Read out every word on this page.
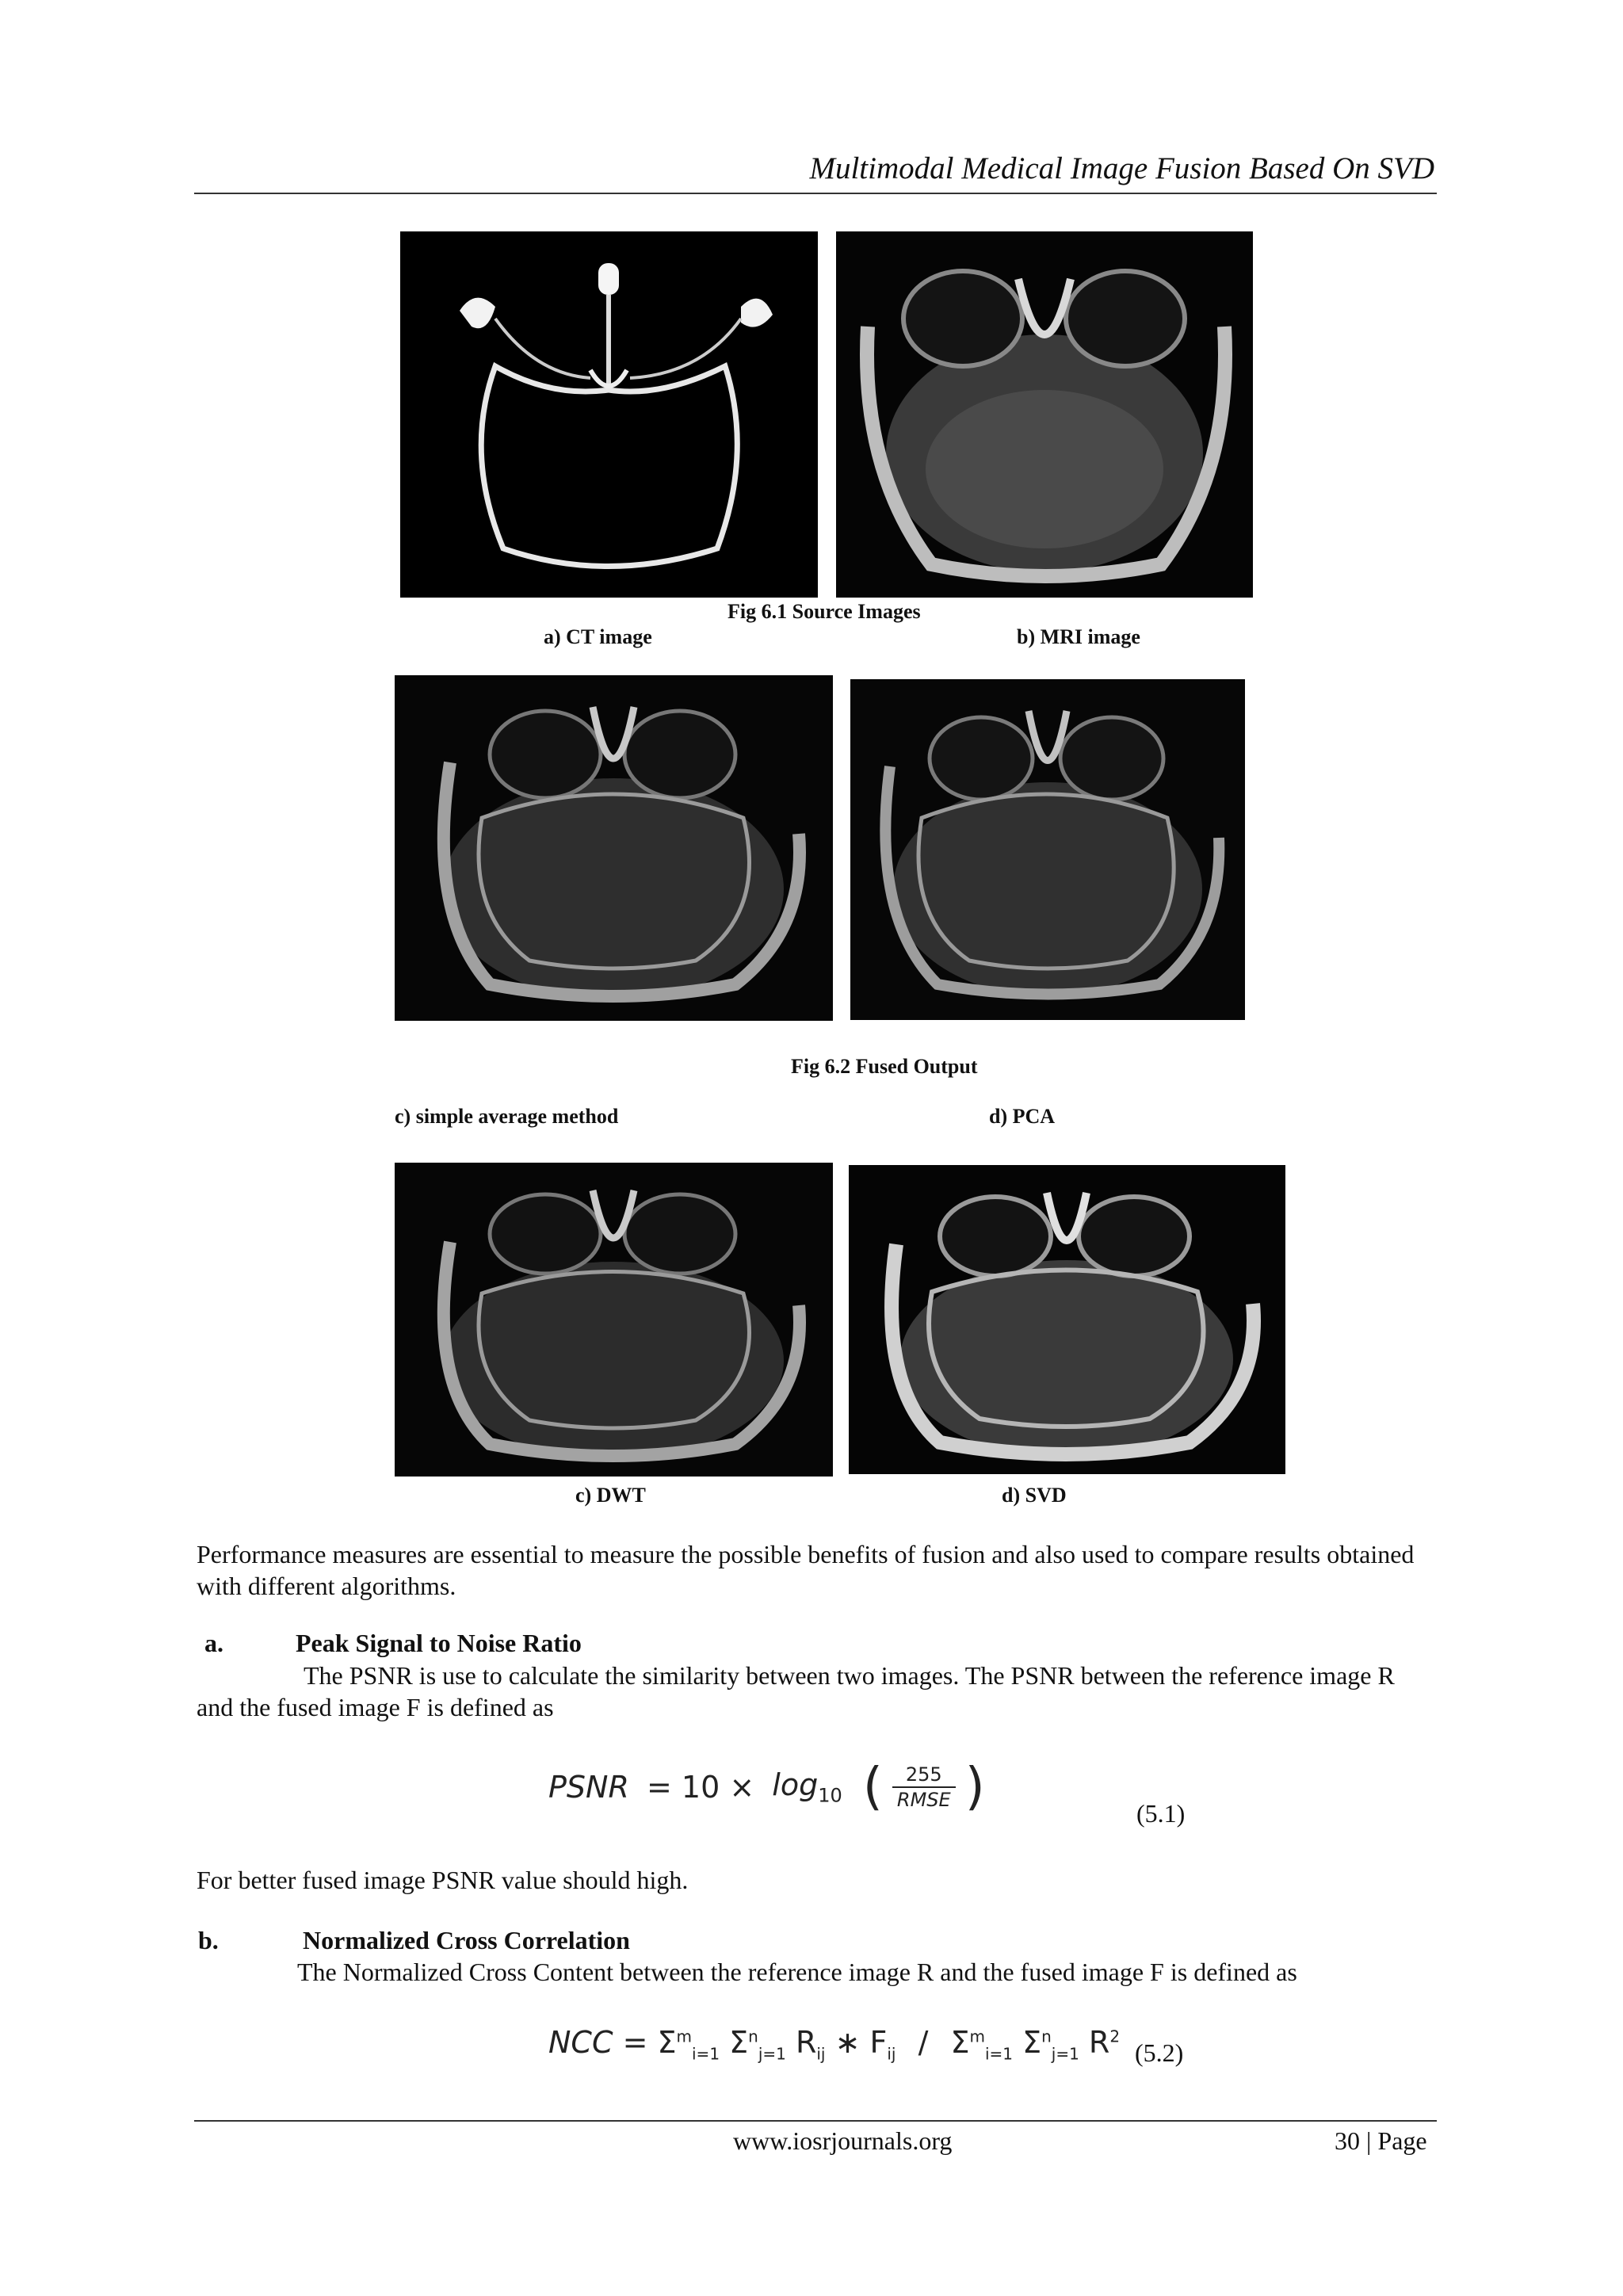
Multimodal Medical Image Fusion Based On SVD
Fig 6.1 Source Images
a) CT image	b) MRI image
Fig 6.2 Fused Output
c) simple average method	d) PCA
c) DWT	d) SVD
Performance measures are essential to measure the possible benefits of fusion and also used to compare results obtained with different algorithms.
a.	Peak Signal to Noise Ratio
The PSNR is use to calculate the similarity between two images. The PSNR between the reference image R and the fused image F is defined as
PSNR = $10 \times \log_{10}$ (	255
RMSE )	(5.1)
For better fused image PSNR value should high.
b.	Normalized Cross Correlation
The Normalized Cross Content between the reference image R and the fused image F is defined as
NCC = $\Sigma^m_{i=1}$ $\Sigma^n_{j=1}$ $R_{ij}$ ∗ $F_{ij} / \Sigma^m_{i=1}$ $\Sigma^n_{j=1}$ $R^2$
(5.2)
www.iosrjournals.org	30 | Page
